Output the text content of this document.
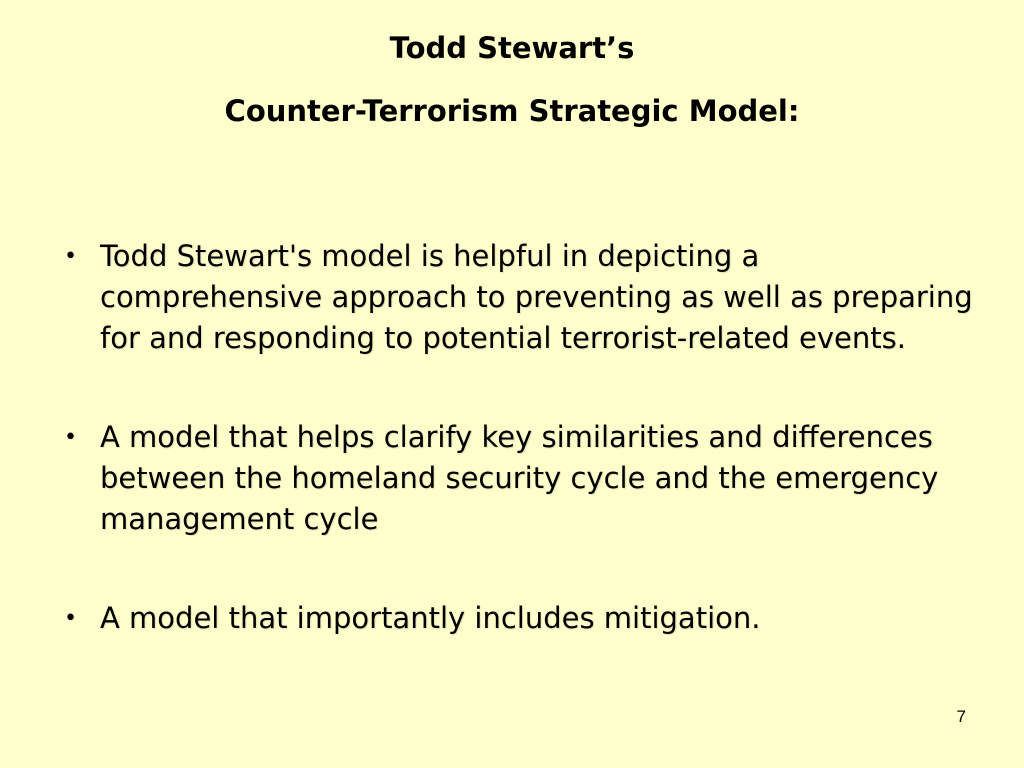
Todd Stewart’s
Counter-Terrorism Strategic Model:
• Todd Stewart's model is helpful in depicting a comprehensive approach to preventing as well as preparing for and responding to potential terrorist-related events.
• A model that helps clarify key similarities and differences between the homeland security cycle and the emergency management cycle
• A model that importantly includes mitigation.
7
